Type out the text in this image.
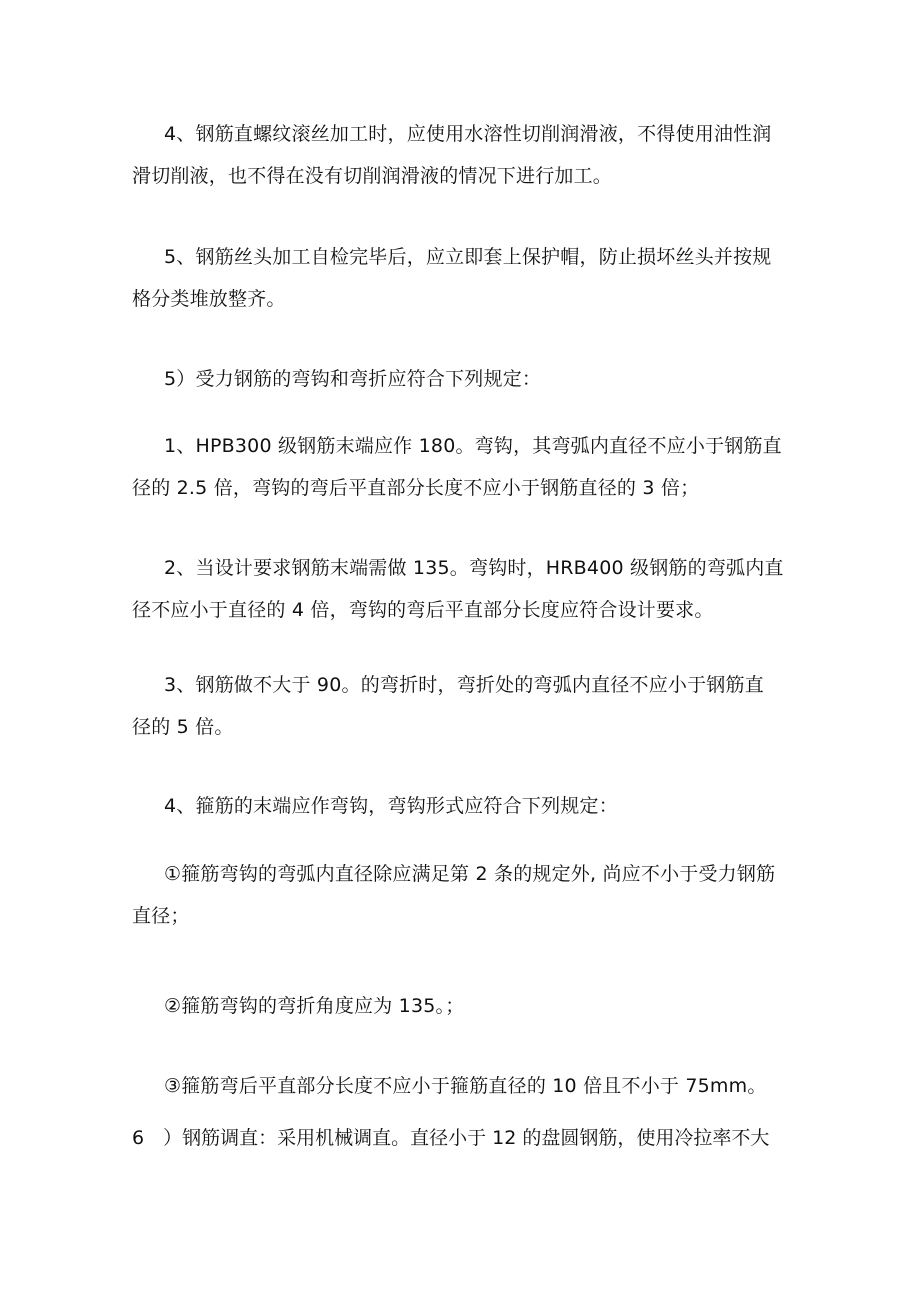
4、钢筋直螺纹滚丝加工时，应使用水溶性切削润滑液，不得使用油性润
滑切削液，也不得在没有切削润滑液的情况下进行加工。
5、钢筋丝头加工自检完毕后，应立即套上保护帽，防止损坏丝头并按规
格分类堆放整齐。
5）受力钢筋的弯钩和弯折应符合下列规定：
1、HPB300 级钢筋末端应作 180。弯钩，其弯弧内直径不应小于钢筋直
径的 2.5 倍，弯钩的弯后平直部分长度不应小于钢筋直径的 3 倍；
2、当设计要求钢筋末端需做 135。弯钩时，HRB400 级钢筋的弯弧内直
径不应小于直径的 4 倍，弯钩的弯后平直部分长度应符合设计要求。
3、钢筋做不大于 90。的弯折时，弯折处的弯弧内直径不应小于钢筋直
径的 5 倍。
4、箍筋的末端应作弯钩，弯钩形式应符合下列规定：
①箍筋弯钩的弯弧内直径除应满足第 2 条的规定外, 尚应不小于受力钢筋
直径；
②箍筋弯钩的弯折角度应为 135。；
③箍筋弯后平直部分长度不应小于箍筋直径的 10 倍且不小于 75mm。
6　）钢筋调直：采用机械调直。直径小于 12 的盘圆钢筋，使用冷拉率不大
